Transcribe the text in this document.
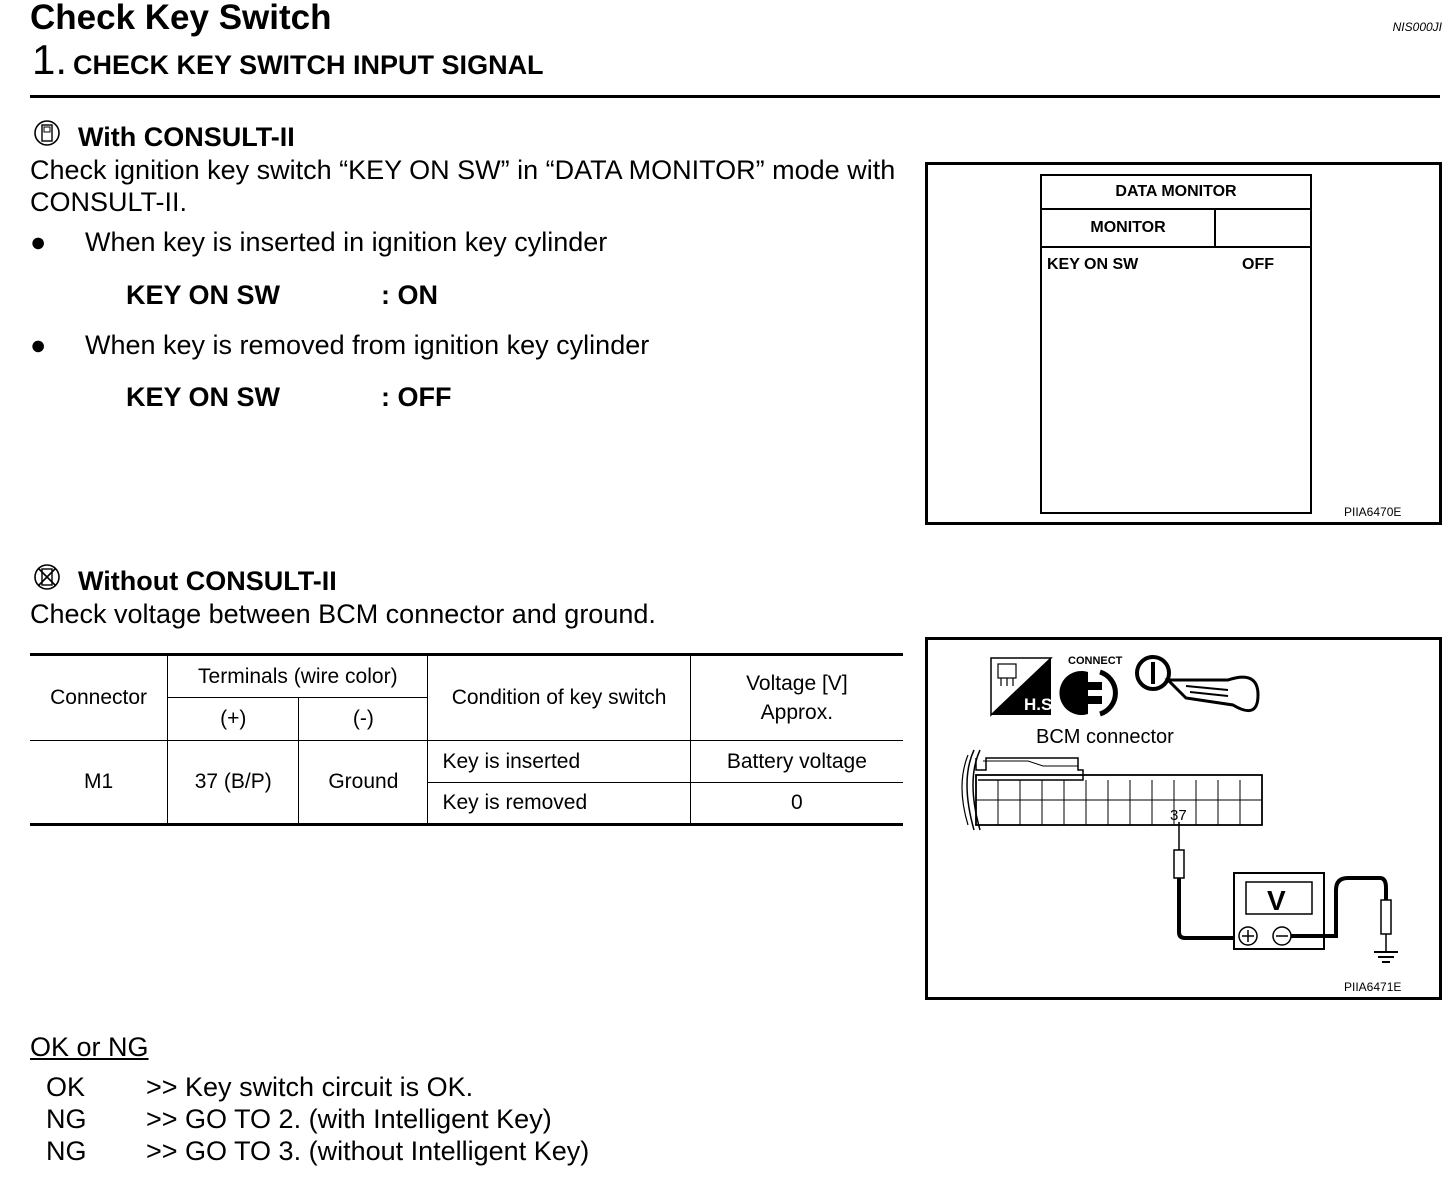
Check Key Switch	NIS000JI
1. CHECK KEY SWITCH INPUT SIGNAL
With CONSULT-II
Check ignition key switch “KEY ON SW” in “DATA MONITOR” mode with CONSULT-II.
● When key is inserted in ignition key cylinder
KEY ON SW	: ON
● When key is removed from ignition key cylinder
KEY ON SW	: OFF
DATA MONITOR
MONITOR
KEY ON SW	OFF
PIIA6470E
Without CONSULT-II
Check voltage between BCM connector and ground.
Connector	Terminals (wire color)		Condition of key switch	Voltage [V]
Approx.

	(+)	(-)		
M1	37 (B/P)	Ground	Key is inserted	Battery voltage
			Key is removed	0
H.S.
CONNECT
37
V
BCM connector
PIIA6471E
OK or NG
OK >> Key switch circuit is OK.
NG >> GO TO 2. (with Intelligent Key)
NG >> GO TO 3. (without Intelligent Key)
